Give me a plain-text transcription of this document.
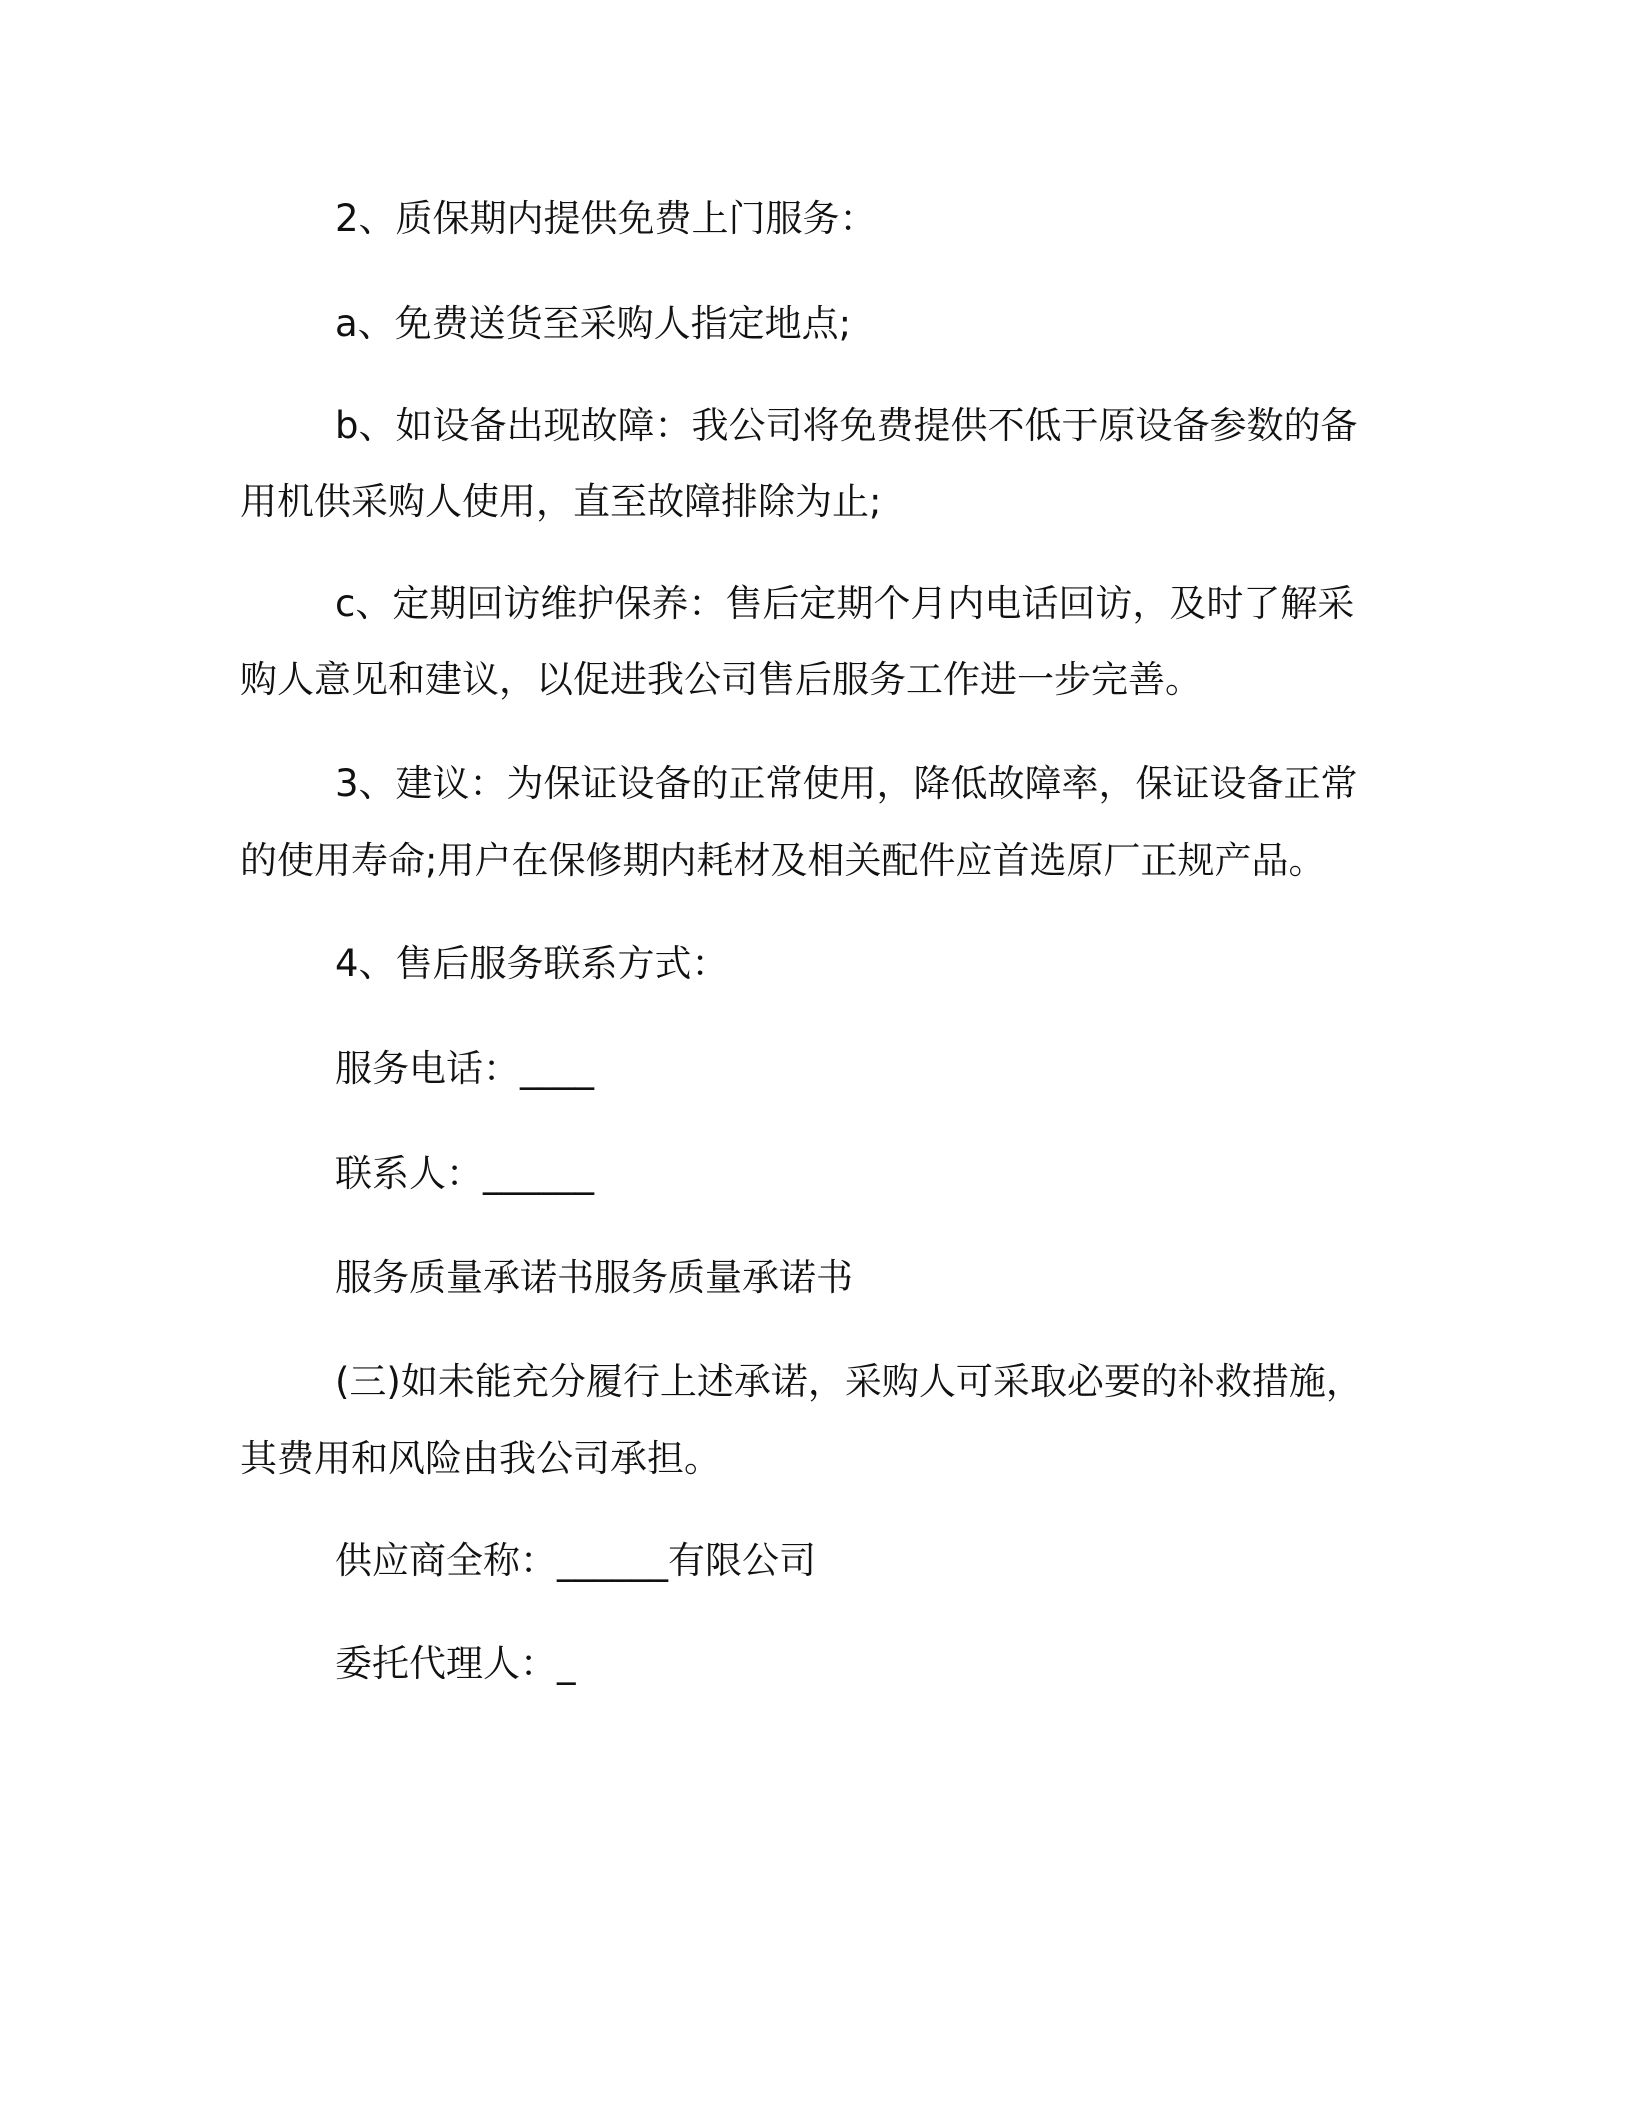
2、质保期内提供免费上门服务：
a、免费送货至采购人指定地点;
b、如设备出现故障：我公司将免费提供不低于原设备参数的备
用机供采购人使用，直至故障排除为止;
c、定期回访维护保养：售后定期个月内电话回访，及时了解采
购人意见和建议，以促进我公司售后服务工作进一步完善。
3、建议：为保证设备的正常使用，降低故障率，保证设备正常
的使用寿命;用户在保修期内耗材及相关配件应首选原厂正规产品。
4、售后服务联系方式：
服务电话：____
联系人：______
服务质量承诺书服务质量承诺书
(三)如未能充分履行上述承诺，采购人可采取必要的补救措施，
其费用和风险由我公司承担。
供应商全称：______有限公司
委托代理人：_
